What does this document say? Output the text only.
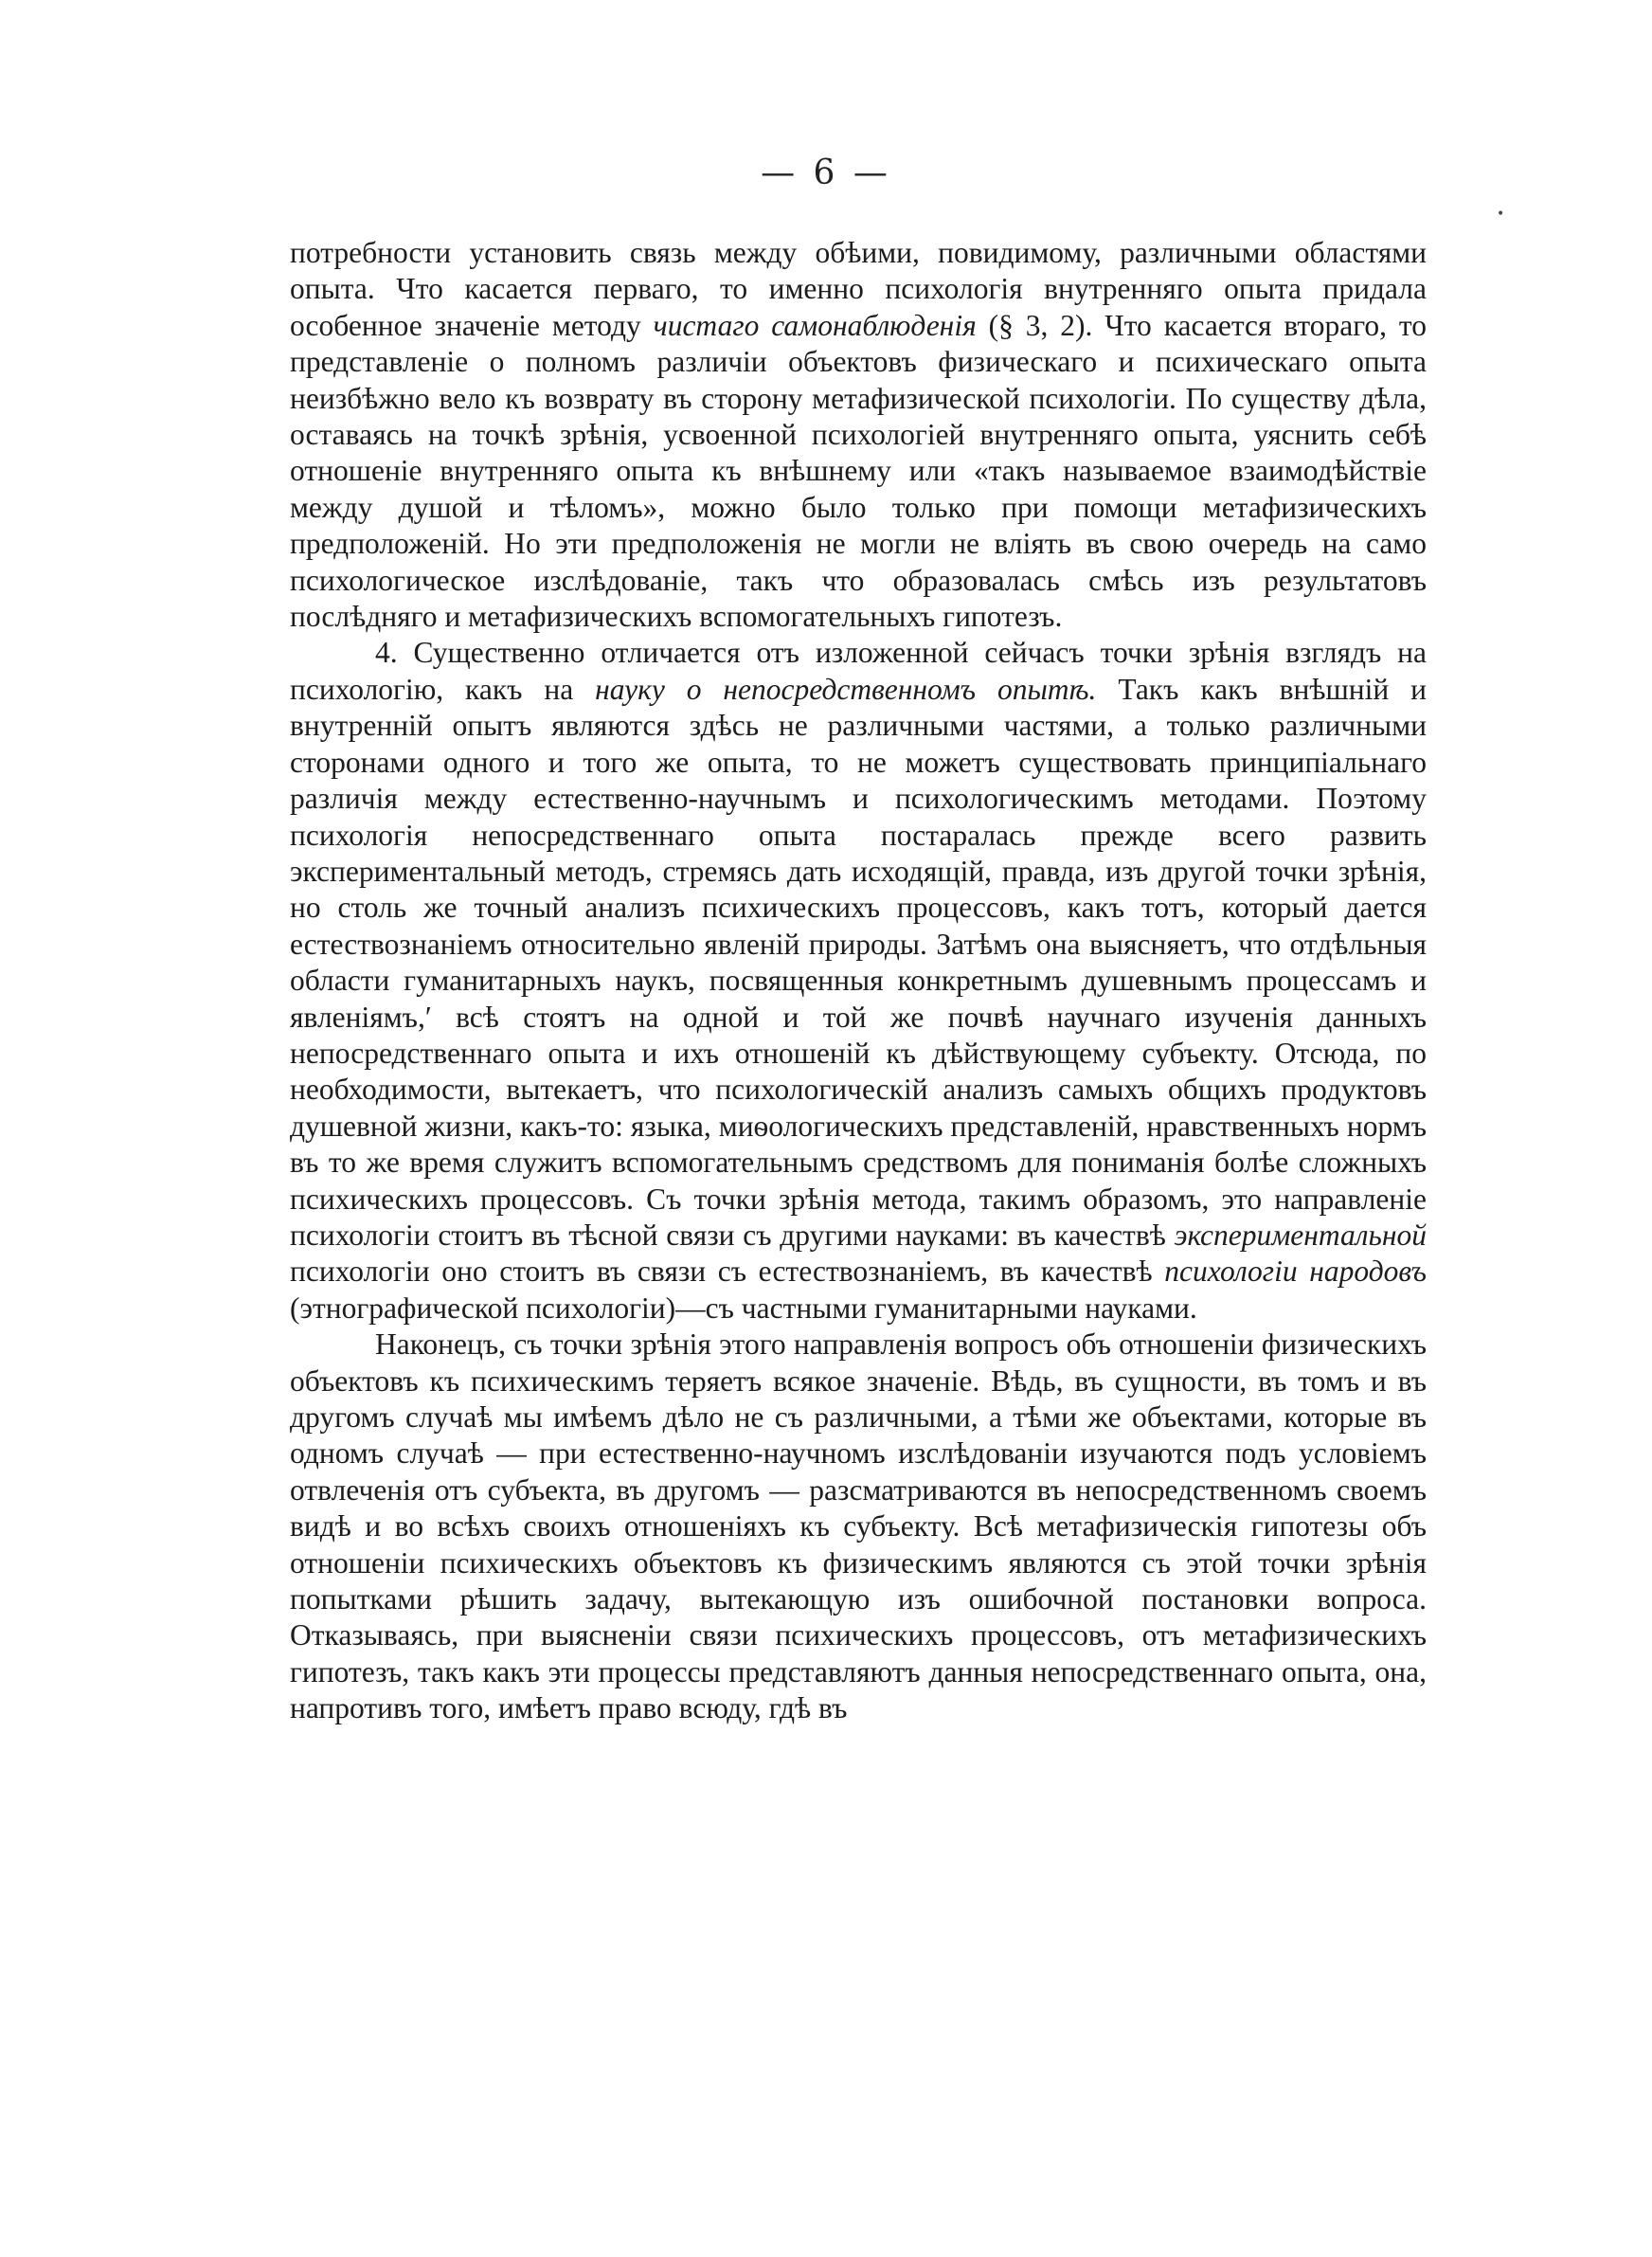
— 6 —
•

потребности установить связь между обѣими, повидимому, различными областями опыта. Что касается перваго, то именно психологія внутренняго опыта придала особенное значеніе методу чистаго самонаблюденія (§ 3, 2). Что касается втораго, то представленіе о полномъ различіи объектовъ физическаго и психическаго опыта неизбѣжно вело къ возврату въ сторону метафизической психологіи. По существу дѣла, оставаясь на точкѣ зрѣнія, усвоенной психологіей внутренняго опыта, уяснить себѣ отношеніе внутренняго опыта къ внѣшнему или «такъ называемое взаимодѣйствіе между душой и тѣломъ», можно было только при помощи метафизическихъ предположеній. Но эти предположенія не могли не вліять въ свою очередь на само психологическое изслѣдованіе, такъ что образовалась смѣсь изъ результатовъ послѣдняго и метафизическихъ вспомогательныхъ гипотезъ.

4. Существенно отличается отъ изложенной сейчасъ точки зрѣнія взглядъ на психологію, какъ на науку о непосредственномъ опытѣ. Такъ какъ внѣшній и внутренній опытъ являются здѣсь не различными частями, а только различными сторонами одного и того же опыта, то не можетъ существовать принципіальнаго различія между естественно-научнымъ и психологическимъ методами. Поэтому психологія непосредственнаго опыта постаралась прежде всего развить экспериментальный методъ, стремясь дать исходящій, правда, изъ другой точки зрѣнія, но столь же точный анализъ психическихъ процессовъ, какъ тотъ, который дается естествознаніемъ относительно явленій природы. Затѣмъ она выясняетъ, что отдѣльныя области гуманитарныхъ наукъ, посвященныя конкретнымъ душевнымъ процессамъ и явленіямъ,′ всѣ стоятъ на одной и той же почвѣ научнаго изученія данныхъ непосредственнаго опыта и ихъ отношеній къ дѣйствующему субъекту. Отсюда, по необходимости, вытекаетъ, что психологическій анализъ самыхъ общихъ продуктовъ душевной жизни, какъ-то: языка, миѳологическихъ представленій, нравственныхъ нормъ въ то же время служитъ вспомогательнымъ средствомъ для пониманія болѣе сложныхъ психическихъ процессовъ. Съ точки зрѣнія метода, такимъ образомъ, это направленіе психологіи стоитъ въ тѣсной связи съ другими науками: въ качествѣ экспериментальной психологіи оно стоитъ въ связи съ естествознаніемъ, въ качествѣ психологіи народовъ (этнографической психологіи)—съ частными гуманитарными науками.

Наконецъ, съ точки зрѣнія этого направленія вопросъ объ отношеніи физическихъ объектовъ къ психическимъ теряетъ всякое значеніе. Вѣдь, въ сущности, въ томъ и въ другомъ случаѣ мы имѣемъ дѣло не съ различными, а тѣми же объектами, которые въ одномъ случаѣ — при естественно-научномъ изслѣдованіи изучаются подъ условіемъ отвлеченія отъ субъекта, въ другомъ — разсматриваются въ непосредственномъ своемъ видѣ и во всѣхъ своихъ отношеніяхъ къ субъекту. Всѣ метафизическія гипотезы объ отношеніи психическихъ объектовъ къ физическимъ являются съ этой точки зрѣнія попытками рѣшить задачу, вытекающую изъ ошибочной постановки вопроса. Отказываясь, при выясненіи связи психическихъ процессовъ, отъ метафизическихъ гипотезъ, такъ какъ эти процессы представляютъ данныя непосредственнаго опыта, она, напротивъ того, имѣетъ право всюду, гдѣ въ
